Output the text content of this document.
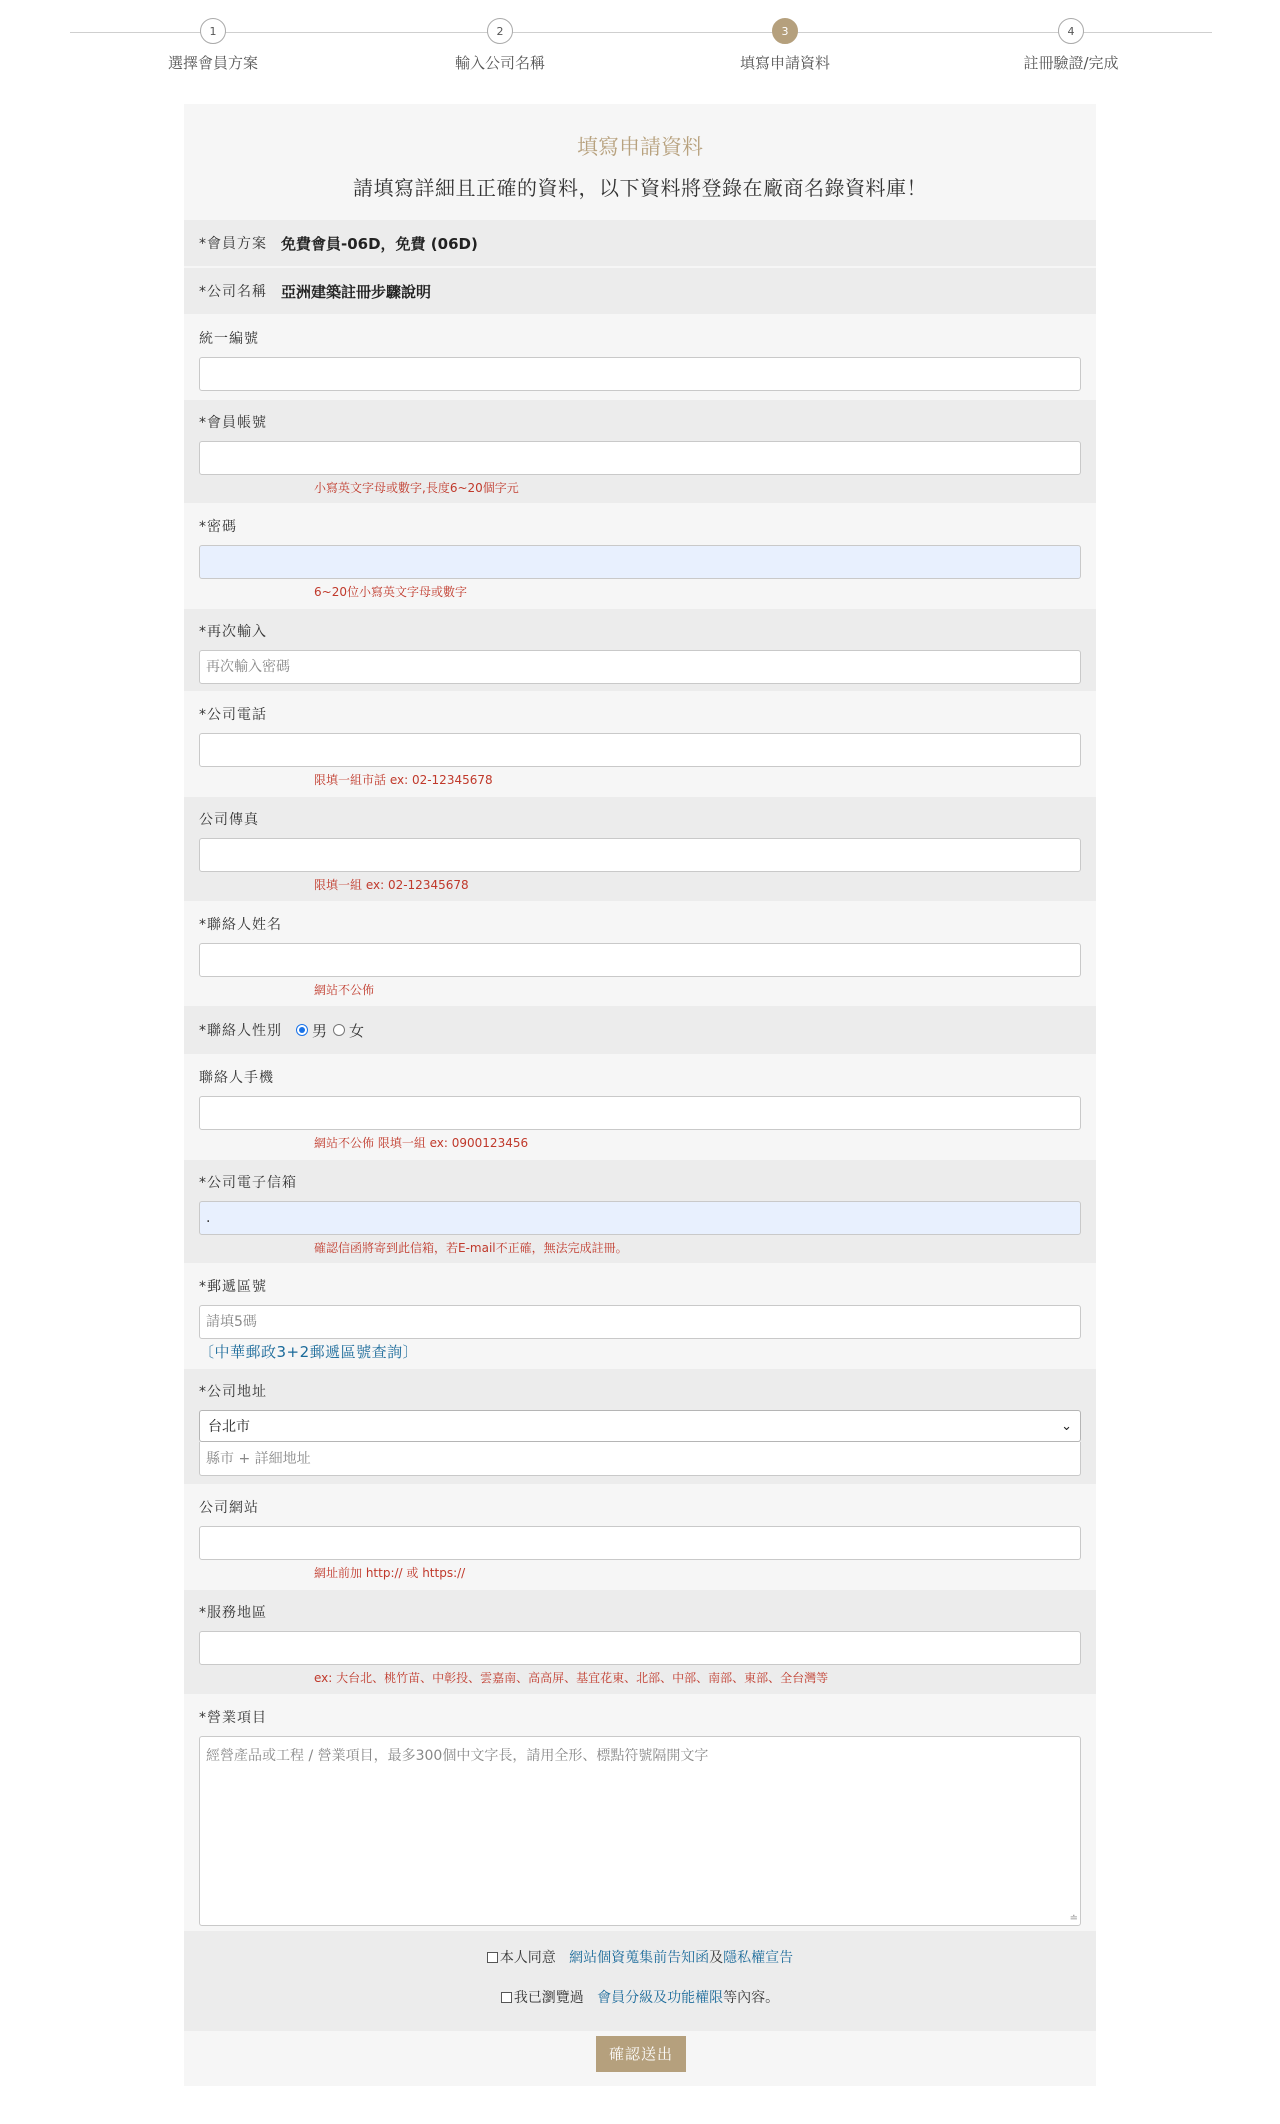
1
選擇會員方案
2
輸入公司名稱
3
填寫申請資料
4
註冊驗證/完成
填寫申請資料
請填寫詳細且正確的資料，以下資料將登錄在廠商名錄資料庫！
*會員方案 免費會員-06D，免費 (06D)
*公司名稱 亞洲建築註冊步驟說明
統一編號
*會員帳號
小寫英文字母或數字,長度6~20個字元
*密碼
6~20位小寫英文字母或數字
*再次輸入
*公司電話
限填一組市話 ex: 02-12345678
公司傳真
限填一組 ex: 02-12345678
*聯絡人姓名
網站不公佈
*聯絡人性別 男 女
聯絡人手機
網站不公佈 限填一組 ex: 0900123456
*公司電子信箱
.
確認信函將寄到此信箱，若E-mail不正確，無法完成註冊。
*郵遞區號
請填5碼
〔中華郵政3+2郵遞區號查詢〕
*公司地址
台北市	⌄
縣市 + 詳細地址
公司網站
網址前加 http:// 或 https://
*服務地區
ex: 大台北、桃竹苗、中彰投、雲嘉南、高高屏、基宜花東、北部、中部、南部、東部、全台灣等
*營業項目
經營產品或工程 / 營業項目，最多300個中文字長，請用全形、標點符號隔開文字
≐
本人同意 網站個資蒐集前告知函及隱私權宣告
我已瀏覽過 會員分級及功能權限等內容。
確認送出
